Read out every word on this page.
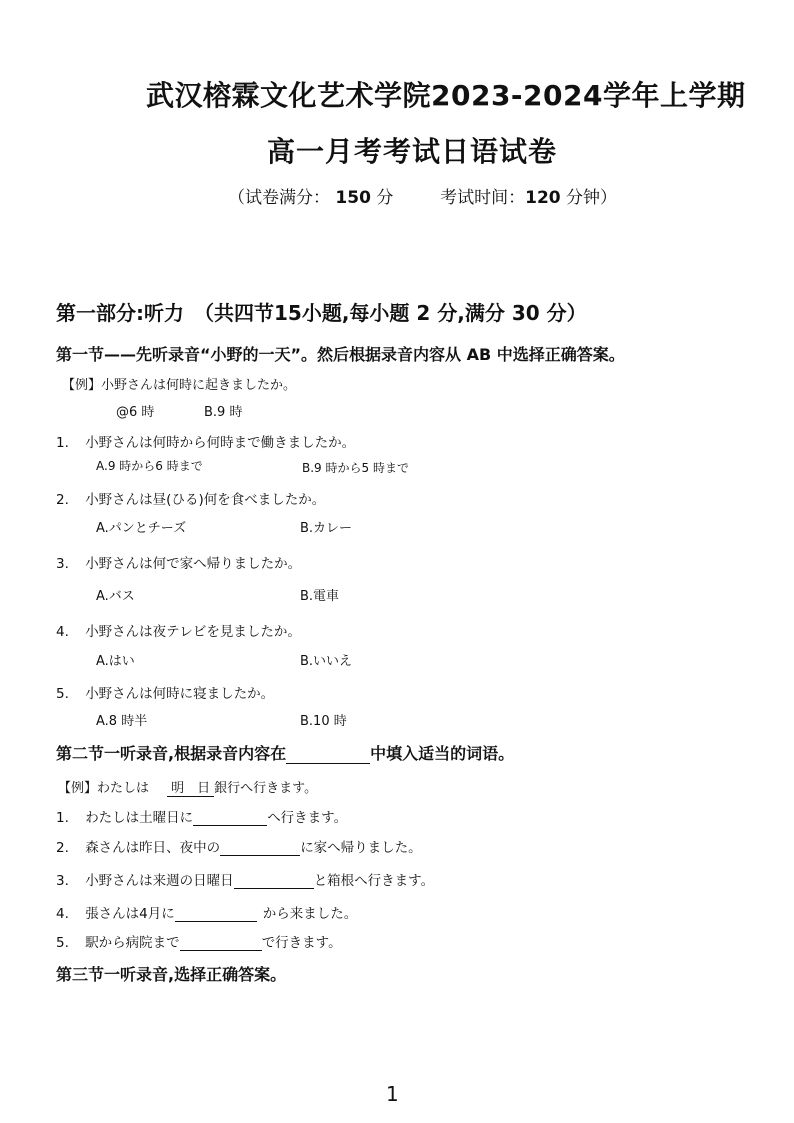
武汉榕霖文化艺术学院2023-2024学年上学期
高一月考考试日语试卷
（试卷满分： 150 分	考试时间：120 分钟）
第一部分:听力　（共四节15小题,每小题 2 分,满分 30 分）
第一节——先听录音“小野的一天”。然后根据录音内容从 AB 中选择正确答案。
【例】小野さんは何時に起きましたか。
@6 時	B.9 時
1. 小野さんは何時から何時まで働きましたか。
A.9 時から6 時まで	B.9 時から5 時まで
2. 小野さんは昼(ひる)何を食べましたか。
A.パンとチーズ	B.カレー
3. 小野さんは何で家へ帰りましたか。
A.バス	B.電車
4. 小野さんは夜テレビを見ましたか。
A.はい	B.いいえ
5. 小野さんは何時に寝ましたか。
A.8 時半	B.10 時
第二节一听录音,根据录音内容在	中填入适当的词语。
【例】わたしは 明　日 銀行へ行きます。
1. わたしは土曜日に	へ行きます。
2. 森さんは昨日、夜中の	に家へ帰りました。
3. 小野さんは来週の日曜日	と箱根へ行きます。
4. 張さんは4月に	から来ました。
5. 駅から病院まで	で行きます。
第三节一听录音,选择正确答案。
1
